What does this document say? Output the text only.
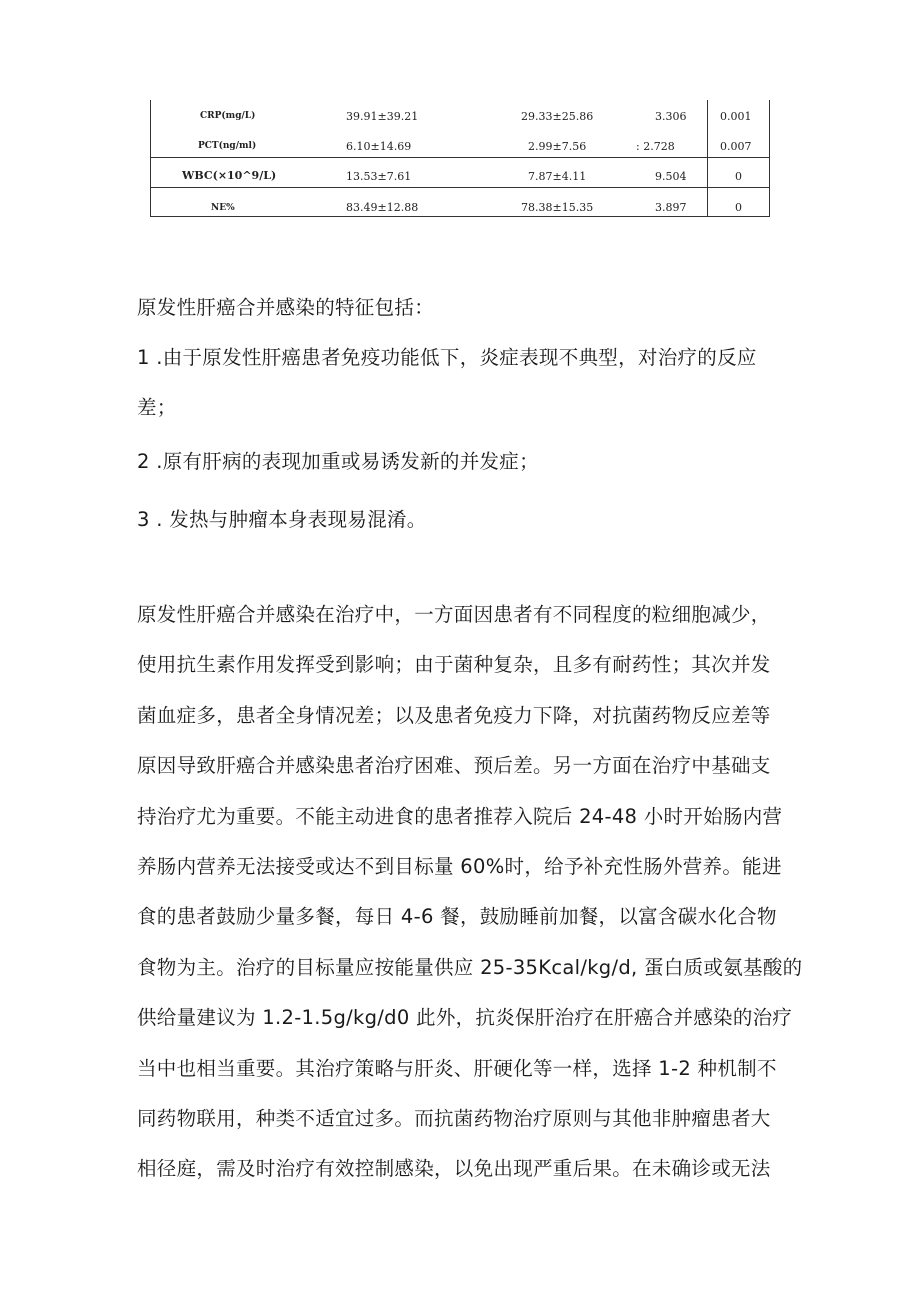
CRP(mg/L)	39.91±39.21	29.33±25.86	3.306	0.001
PCT(ng/ml)	6.10±14.69	2.99±7.56	: 2.728	0.007
WBC(×10^9/L)	13.53±7.61	7.87±4.11	9.504	0
NE%	83.49±12.88	78.38±15.35	3.897	0

原发性肝癌合并感染的特征包括：

1 .由于原发性肝癌患者免疫功能低下，炎症表现不典型，对治疗的反应

差；

2 .原有肝病的表现加重或易诱发新的并发症；

3 . 发热与肿瘤本身表现易混淆。

原发性肝癌合并感染在治疗中，一方面因患者有不同程度的粒细胞减少，

使用抗生素作用发挥受到影响；由于菌种复杂，且多有耐药性；其次并发

菌血症多，患者全身情况差；以及患者免疫力下降，对抗菌药物反应差等

原因导致肝癌合并感染患者治疗困难、预后差。另一方面在治疗中基础支

持治疗尤为重要。不能主动进食的患者推荐入院后 24-48 小时开始肠内营

养肠内营养无法接受或达不到目标量 60%时，给予补充性肠外营养。能进

食的患者鼓励少量多餐，每日 4-6 餐，鼓励睡前加餐，以富含碳水化合物

食物为主。治疗的目标量应按能量供应 25-35Kcal/kg/d, 蛋白质或氨基酸的

供给量建议为 1.2-1.5g/kg/d0 此外，抗炎保肝治疗在肝癌合并感染的治疗

当中也相当重要。其治疗策略与肝炎、肝硬化等一样，选择 1-2 种机制不

同药物联用，种类不适宜过多。而抗菌药物治疗原则与其他非肿瘤患者大

相径庭，需及时治疗有效控制感染，以免出现严重后果。在未确诊或无法
